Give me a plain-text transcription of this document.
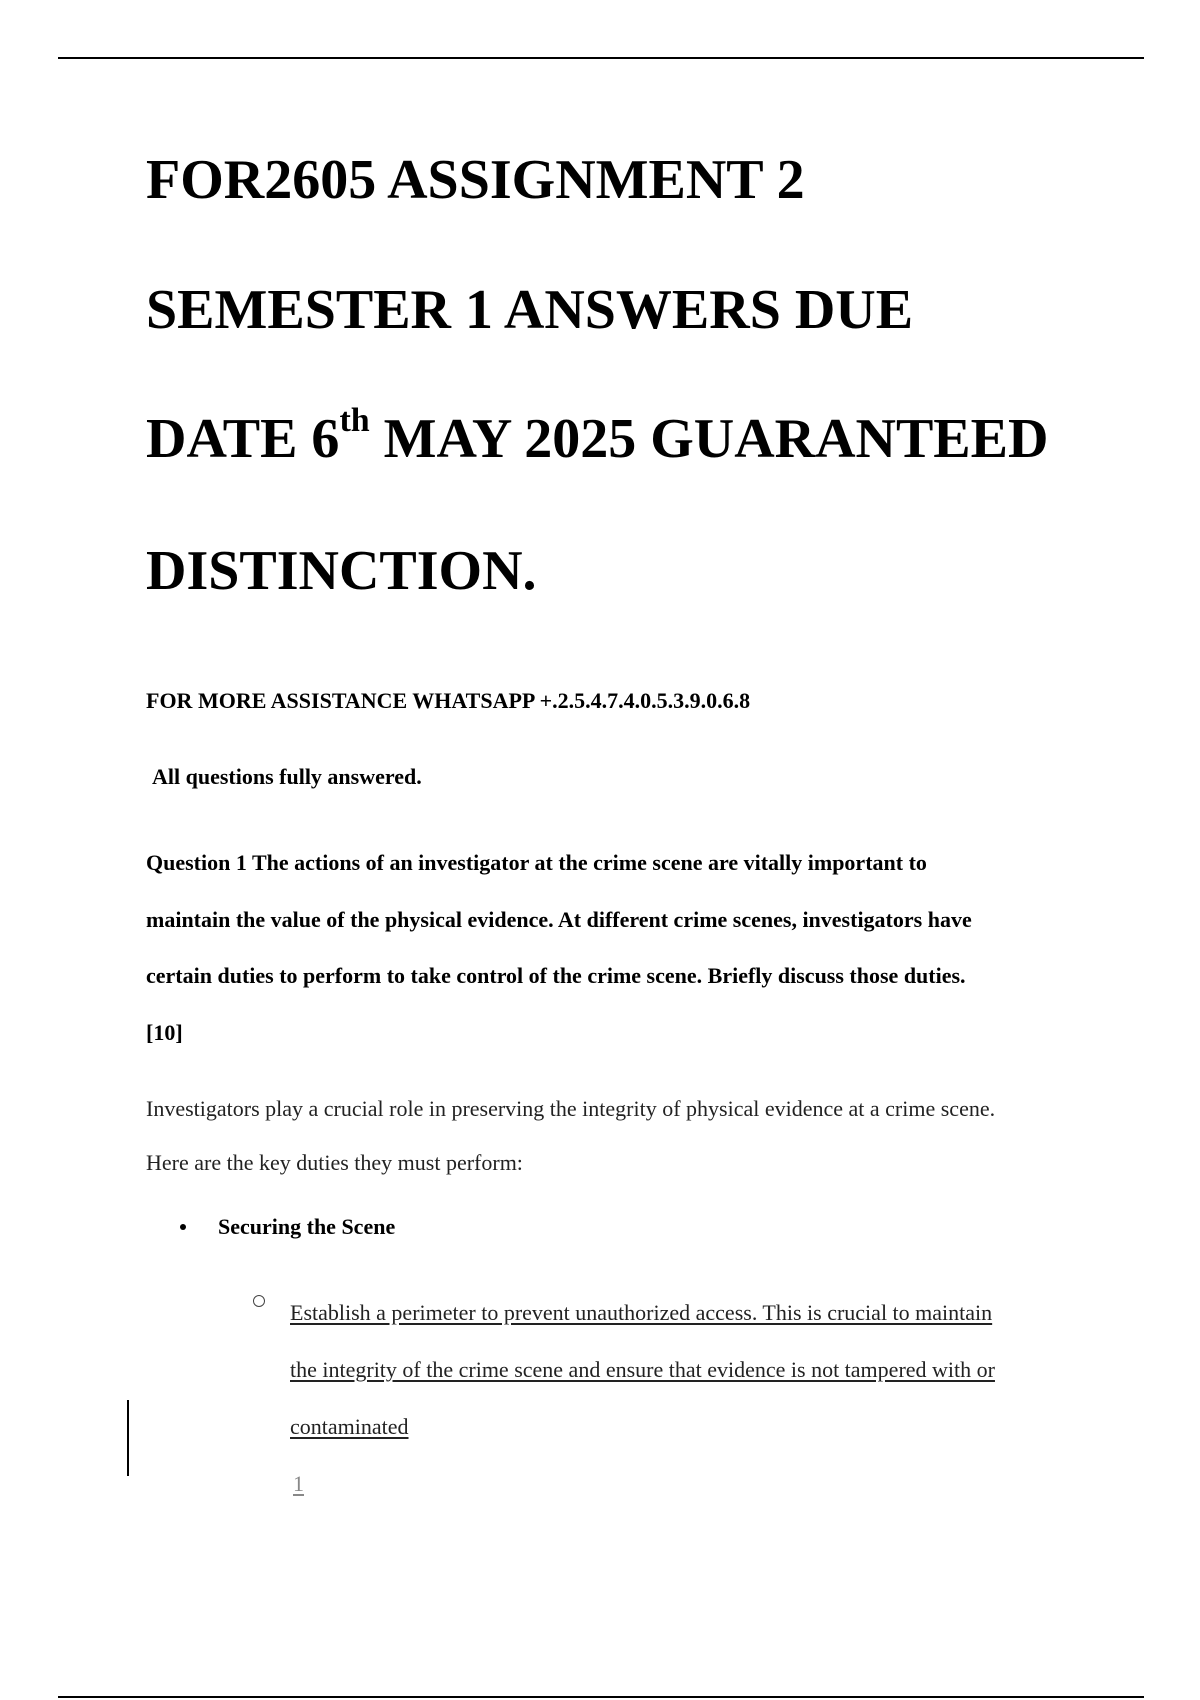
FOR2605 ASSIGNMENT 2
SEMESTER 1 ANSWERS DUE
DATE 6th MAY 2025 GUARANTEED
DISTINCTION.
FOR MORE ASSISTANCE WHATSAPP +.2.5.4.7.4.0.5.3.9.0.6.8
All questions fully answered.

Question 1 The actions of an investigator at the crime scene are vitally important to
maintain the value of the physical evidence. At different crime scenes, investigators have
certain duties to perform to take control of the crime scene. Briefly discuss those duties.
[10]

Investigators play a crucial role in preserving the integrity of physical evidence at a crime scene.
Here are the key duties they must perform:

Securing the Scene

Establish a perimeter to prevent unauthorized access. This is crucial to maintain
the integrity of the crime scene and ensure that evidence is not tampered with or
contaminated
1
